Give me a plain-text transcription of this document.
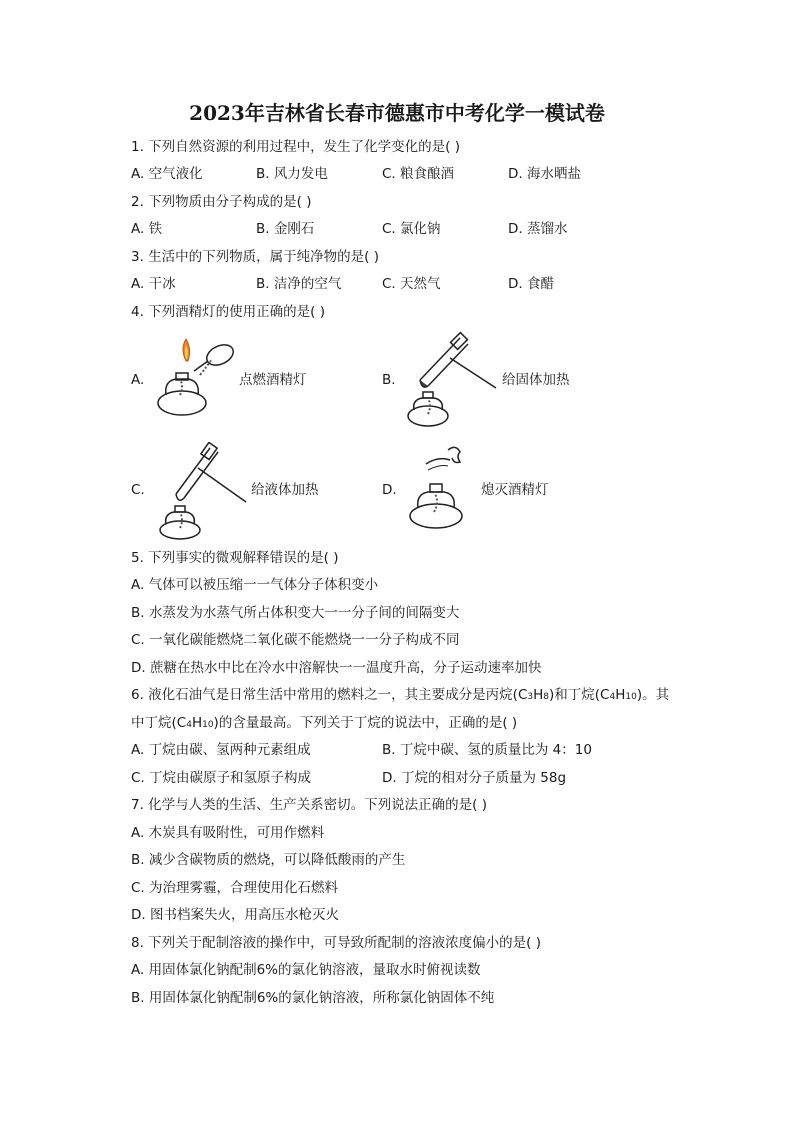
2023年吉林省长春市德惠市中考化学一模试卷
1. 下列自然资源的利用过程中，发生了化学变化的是( )
A. 空气液化	B. 风力发电	C. 粮食酿酒	D. 海水晒盐
2. 下列物质由分子构成的是( )
A. 铁	B. 金刚石	C. 氯化钠	D. 蒸馏水
3. 生活中的下列物质，属于纯净物的是( )
A. 干冰	B. 洁净的空气	C. 天然气	D. 食醋
4. 下列酒精灯的使用正确的是( )
A.	点燃酒精灯	B.	给固体加热
C.	给液体加热	D.	熄灭酒精灯
5. 下列事实的微观解释错误的是( )
A. 气体可以被压缩一一气体分子体积变小
B. 水蒸发为水蒸气所占体积变大一一分子间的间隔变大
C. 一氧化碳能燃烧二氧化碳不能燃烧一一分子构成不同
D. 蔗糖在热水中比在冷水中溶解快一一温度升高，分子运动速率加快
6. 液化石油气是日常生活中常用的燃料之一，其主要成分是丙烷(C3H8)和丁烷(C4H10)。其
中丁烷(C4H10)的含量最高。下列关于丁烷的说法中，正确的是( )
A. 丁烷由碳、氢两种元素组成	B. 丁烷中碳、氢的质量比为 4：10
C. 丁烷由碳原子和氢原子构成	D. 丁烷的相对分子质量为 58g
7. 化学与人类的生活、生产关系密切。下列说法正确的是( )
A. 木炭具有吸附性，可用作燃料
B. 减少含碳物质的燃烧，可以降低酸雨的产生
C. 为治理雾霾，合理使用化石燃料
D. 图书档案失火，用高压水枪灭火
8. 下列关于配制溶液的操作中，可导致所配制的溶液浓度偏小的是( )
A. 用固体氯化钠配制6%的氯化钠溶液，量取水时俯视读数
B. 用固体氯化钠配制6%的氯化钠溶液，所称氯化钠固体不纯
